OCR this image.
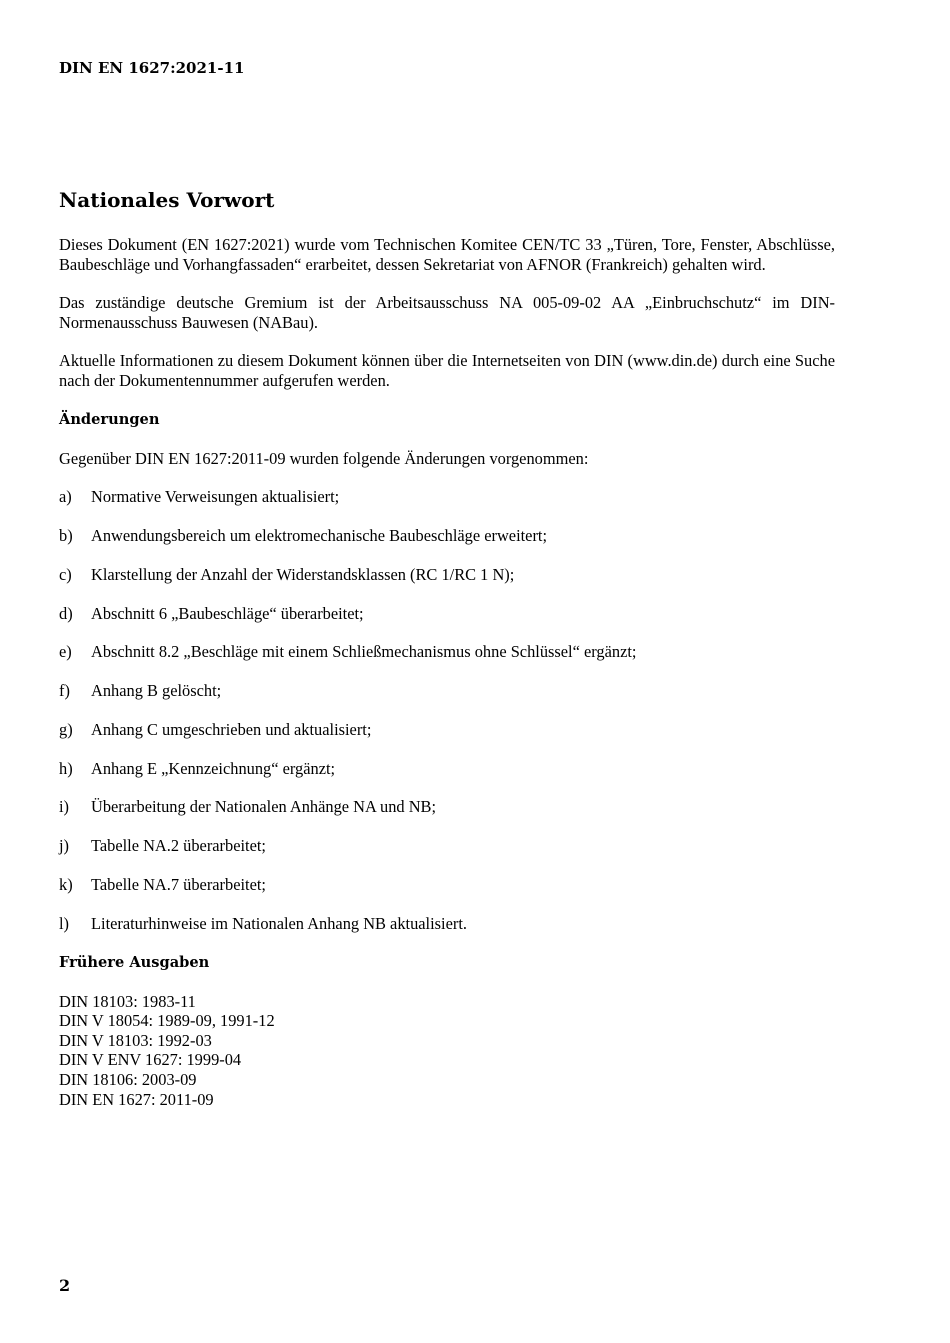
DIN EN 1627:2021-11
Nationales Vorwort

Dieses Dokument (EN 1627:2021) wurde vom Technischen Komitee CEN/TC 33 „Türen, Tore, Fenster, Abschlüsse, Baubeschläge und Vorhangfassaden“ erarbeitet, dessen Sekretariat von AFNOR (Frankreich) gehalten wird.

Das zuständige deutsche Gremium ist der Arbeitsausschuss NA 005-09-02 AA „Einbruchschutz“ im DIN-Normenausschuss Bauwesen (NABau).

Aktuelle Informationen zu diesem Dokument können über die Internetseiten von DIN (www.din.de) durch eine Suche nach der Dokumentennummer aufgerufen werden.

Änderungen

Gegenüber DIN EN 1627:2011-09 wurden folgende Änderungen vorgenommen:

a) Normative Verweisungen aktualisiert;
b) Anwendungsbereich um elektromechanische Baubeschläge erweitert;
c) Klarstellung der Anzahl der Widerstandsklassen (RC 1/RC 1 N);
d) Abschnitt 6 „Baubeschläge“ überarbeitet;
e) Abschnitt 8.2 „Beschläge mit einem Schließmechanismus ohne Schlüssel“ ergänzt;
f) Anhang B gelöscht;
g) Anhang C umgeschrieben und aktualisiert;
h) Anhang E „Kennzeichnung“ ergänzt;
i) Überarbeitung der Nationalen Anhänge NA und NB;
j) Tabelle NA.2 überarbeitet;
k) Tabelle NA.7 überarbeitet;
l) Literaturhinweise im Nationalen Anhang NB aktualisiert.
Frühere Ausgaben
DIN 18103: 1983-11
DIN V 18054: 1989-09, 1991-12
DIN V 18103: 1992-03
DIN V ENV 1627: 1999-04
DIN 18106: 2003-09
DIN EN 1627: 2011-09
2
